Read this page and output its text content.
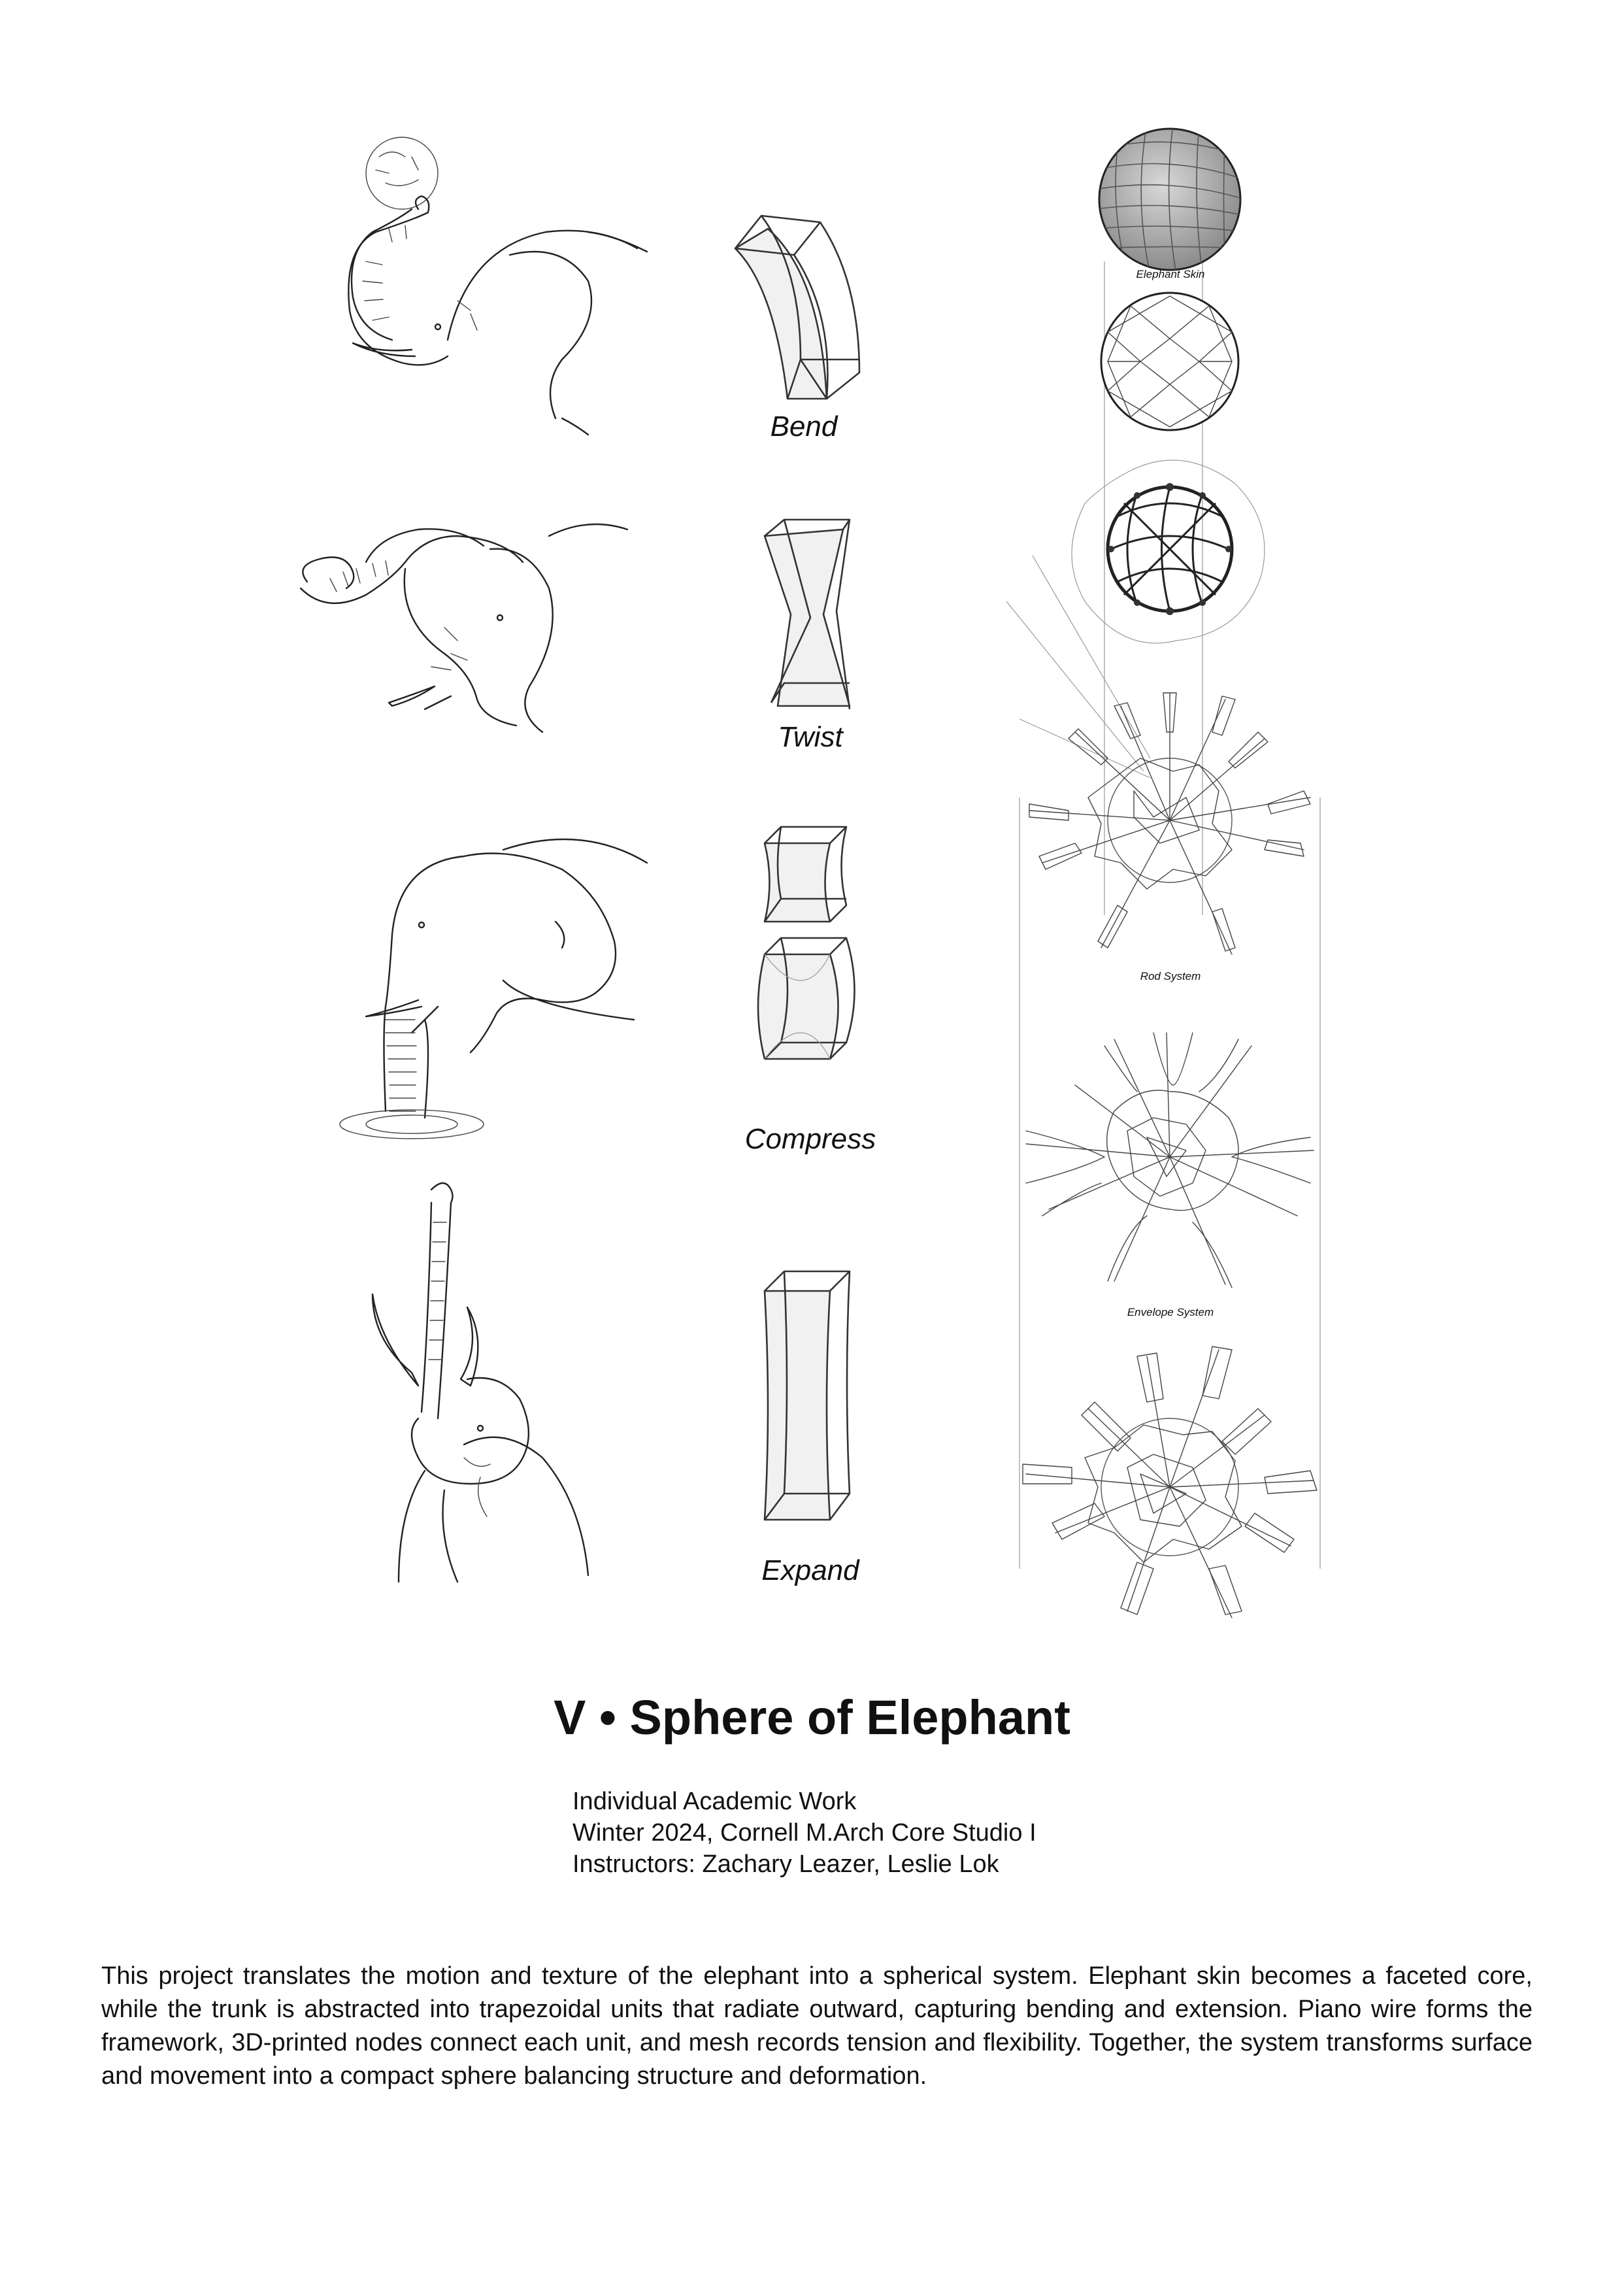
Bend
Twist
Compress
Expand
Elephant Skin
Rod System
Envelope System
V • Sphere of Elephant
Individual Academic Work
Winter 2024, Cornell M.Arch Core Studio I
Instructors: Zachary Leazer, Leslie Lok
This project translates the motion and texture of the elephant into a spherical system. Elephant skin becomes a faceted core, while the trunk is abstracted into trapezoidal units that radiate outward, capturing bending and extension. Piano wire forms the framework, 3D-printed nodes connect each unit, and mesh records tension and flexibility. Together, the system transforms surface and movement into a compact sphere balancing structure and deformation.
